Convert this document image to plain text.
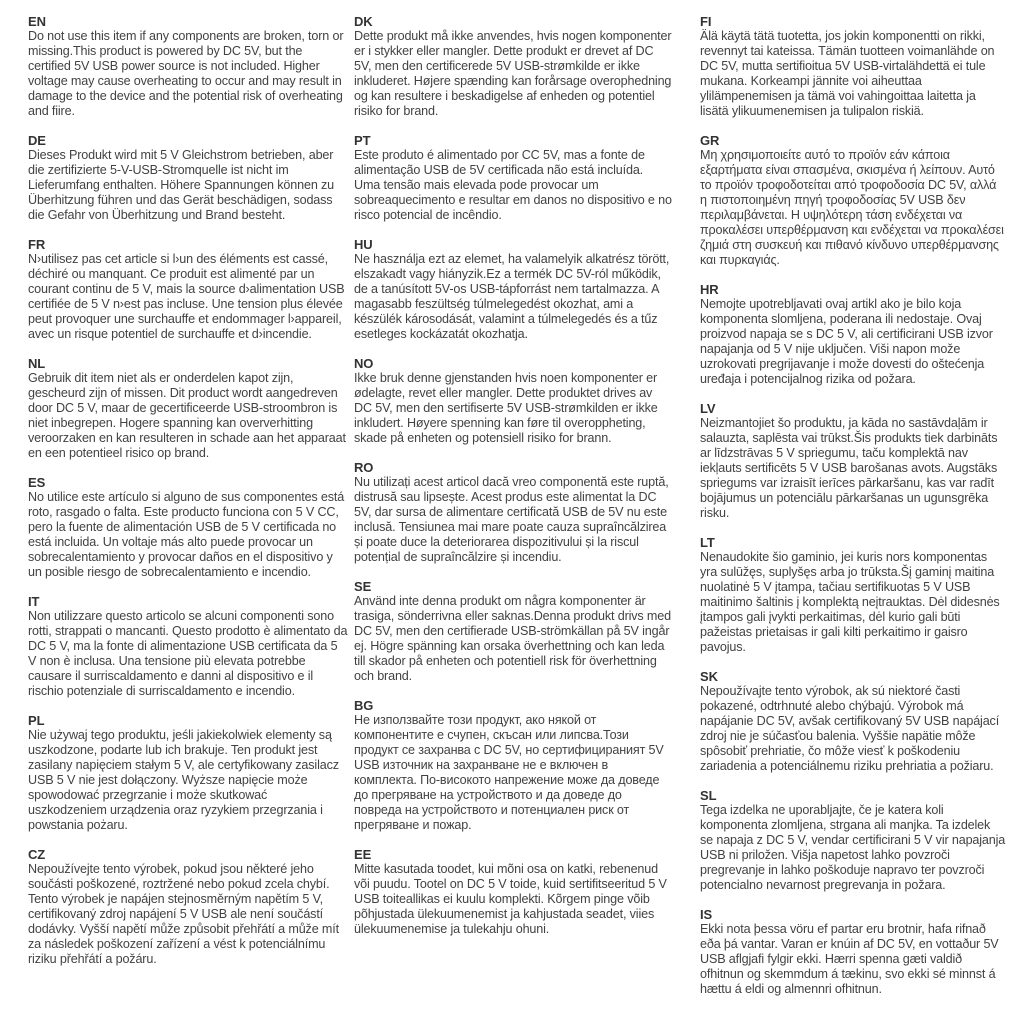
EN

Do not use this item if any components are broken, torn or missing.This product is powered by DC 5V, but the certified 5V USB power source is not included. Higher voltage may cause overheating to occur and may result in damage to the device and the potential risk of overheating and fiire.

DE

Dieses Produkt wird mit 5 V Gleichstrom betrieben, aber die zertifizierte 5-V-USB-Stromquelle ist nicht im Lieferumfang enthalten. Höhere Spannungen können zu Überhitzung führen und das Gerät beschädigen, sodass die Gefahr von Überhitzung und Brand besteht.

FR

N›utilisez pas cet article si l›un des éléments est cassé, déchiré ou manquant. Ce produit est alimenté par un courant continu de 5 V, mais la source d›alimentation USB certifiée de 5 V n›est pas incluse. Une tension plus élevée peut provoquer une surchauffe et endommager l›appareil, avec un risque potentiel de surchauffe et d›incendie.

NL

Gebruik dit item niet als er onderdelen kapot zijn, gescheurd zijn of missen. Dit product wordt aangedreven door DC 5 V, maar de gecertificeerde USB-stroombron is niet inbegrepen. Hogere spanning kan oververhitting veroorzaken en kan resulteren in schade aan het apparaat en een potentieel risico op brand.

ES

No utilice este artículo si alguno de sus componentes está roto, rasgado o falta. Este producto funciona con 5 V CC, pero la fuente de alimentación USB de 5 V certificada no está incluida. Un voltaje más alto puede provocar un sobrecalentamiento y provocar daños en el dispositivo y un posible riesgo de sobrecalentamiento e incendio.

IT

Non utilizzare questo articolo se alcuni componenti sono rotti, strappati o mancanti. Questo prodotto è alimentato da DC 5 V, ma la fonte di alimentazione USB certificata da 5 V non è inclusa. Una tensione più elevata potrebbe causare il surriscaldamento e danni al dispositivo e il rischio potenziale di surriscaldamento e incendio.

PL

Nie używaj tego produktu, jeśli jakiekolwiek elementy są uszkodzone, podarte lub ich brakuje. Ten produkt jest zasilany napięciem stałym 5 V, ale certyfikowany zasilacz USB 5 V nie jest dołączony. Wyższe napięcie może spowodować przegrzanie i może skutkować uszkodzeniem urządzenia oraz ryzykiem przegrzania i powstania pożaru.

CZ

Nepoužívejte tento výrobek, pokud jsou některé jeho součásti poškozené, roztržené nebo pokud zcela chybí. Tento výrobek je napájen stejnosměrným napětím 5 V, certifikovaný zdroj napájení 5 V USB ale není součástí dodávky. Vyšší napětí může způsobit přehřátí a může mít za následek poškození zařízení a vést k potenciálnímu riziku přehřátí a požáru.

DK

Dette produkt må ikke anvendes, hvis nogen komponenter er i stykker eller mangler. Dette produkt er drevet af DC 5V, men den certificerede 5V USB-strømkilde er ikke inkluderet. Højere spænding kan forårsage overophedning og kan resultere i beskadigelse af enheden og potentiel risiko for brand.

PT

Este produto é alimentado por CC 5V, mas a fonte de alimentação USB de 5V certificada não está incluída. Uma tensão mais elevada pode provocar um sobreaquecimento e resultar em danos no dispositivo e no risco potencial de incêndio.

HU

Ne használja ezt az elemet, ha valamelyik alkatrész törött, elszakadt vagy hiányzik.Ez a termék DC 5V-ról működik, de a tanúsított 5V-os USB-tápforrást nem tartalmazza. A magasabb feszültség túlmelegedést okozhat, ami a készülék károsodását, valamint a túlmelegedés és a tűz esetleges kockázatát okozhatja.

NO

Ikke bruk denne gjenstanden hvis noen komponenter er ødelagte, revet eller mangler. Dette produktet drives av DC 5V, men den sertifiserte 5V USB-strømkilden er ikke inkludert. Høyere spenning kan føre til overoppheting, skade på enheten og potensiell risiko for brann.

RO

Nu utilizați acest articol dacă vreo componentă este ruptă, distrusă sau lipsește. Acest produs este alimentat la DC 5V, dar sursa de alimentare certificată USB de 5V nu este inclusă. Tensiunea mai mare poate cauza supraîncălzirea și poate duce la deteriorarea dispozitivului și la riscul potențial de supraîncălzire și incendiu.

SE

Använd inte denna produkt om några komponenter är trasiga, sönderrivna eller saknas.Denna produkt drivs med DC 5V, men den certifierade USB-strömkällan på 5V ingår ej. Högre spänning kan orsaka överhettning och kan leda till skador på enheten och potentiell risk för överhettning och brand.

BG

Не използвайте този продукт, ако някой от компонентите е счупен, скъсан или липсва.Този продукт се захранва с DC 5V, но сертифицираният 5V USB източник на захранване не е включен в комплекта. По-високото напрежение може да доведе до прегряване на устройството и да доведе до повреда на устройството и потенциален риск от прегряване и пожар.

EE

Mitte kasutada toodet, kui mõni osa on katki, rebenenud või puudu. Tootel on DC 5 V toide, kuid sertifitseeritud 5 V USB toiteallikas ei kuulu komplekti. Kõrgem pinge võib põhjustada ülekuumenemist ja kahjustada seadet, viies ülekuumenemise ja tulekahju ohuni.

FI

Älä käytä tätä tuotetta, jos jokin komponentti on rikki, revennyt tai kateissa. Tämän tuotteen voimanlähde on DC 5V, mutta sertifioitua 5V USB-virtalähdettä ei tule mukana. Korkeampi jännite voi aiheuttaa ylilämpenemisen ja tämä voi vahingoittaa laitetta ja lisätä ylikuumenemisen ja tulipalon riskiä.

GR

Μη χρησιμοποιείτε αυτό το προϊόν εάν κάποια εξαρτήματα είναι σπασμένα, σκισμένα ή λείπουν. Αυτό το προϊόν τροφοδοτείται από τροφοδοσία DC 5V, αλλά η πιστοποιημένη πηγή τροφοδοσίας 5V USB δεν περιλαμβάνεται. Η υψηλότερη τάση ενδέχεται να προκαλέσει υπερθέρμανση και ενδέχεται να προκαλέσει ζημιά στη συσκευή και πιθανό κίνδυνο υπερθέρμανσης και πυρκαγιάς.

HR

Nemojte upotrebljavati ovaj artikl ako je bilo koja komponenta slomljena, poderana ili nedostaje. Ovaj proizvod napaja se s DC 5 V, ali certificirani USB izvor napajanja od 5 V nije uključen. Viši napon može uzrokovati pregrijavanje i može dovesti do oštećenja uređaja i potencijalnog rizika od požara.

LV

Neizmantojiet šo produktu, ja kāda no sastāvdaļām ir salauzta, saplēsta vai trūkst.Šis produkts tiek darbināts ar līdzstrāvas 5 V spriegumu, taču komplektā nav iekļauts sertificēts 5 V USB barošanas avots. Augstāks spriegums var izraisīt ierīces pārkaršanu, kas var radīt bojājumus un potenciālu pārkaršanas un ugunsgrēka risku.

LT

Nenaudokite šio gaminio, jei kuris nors komponentas yra sulūžęs, suplyšęs arba jo trūksta.Šį gaminį maitina nuolatinė 5 V įtampa, tačiau sertifikuotas 5 V USB maitinimo šaltinis į komplektą neįtrauktas. Dėl didesnės įtampos gali įvykti perkaitimas, dėl kurio gali būti pažeistas prietaisas ir gali kilti perkaitimo ir gaisro pavojus.

SK

Nepoužívajte tento výrobok, ak sú niektoré časti pokazené, odtrhnuté alebo chýbajú. Výrobok má napájanie DC 5V, avšak certifikovaný 5V USB napájací zdroj nie je súčasťou balenia. Vyššie napätie môže spôsobiť prehriatie, čo môže viesť k poškodeniu zariadenia a potenciálnemu riziku prehriatia a požiaru.

SL

Tega izdelka ne uporabljajte, če je katera koli komponenta zlomljena, strgana ali manjka. Ta izdelek se napaja z DC 5 V, vendar certificirani 5 V vir napajanja USB ni priložen. Višja napetost lahko povzroči pregrevanje in lahko poškoduje napravo ter povzroči potencialno nevarnost pregrevanja in požara.

IS

Ekki nota þessa vöru ef partar eru brotnir, hafa rifnað eða þá vantar. Varan er knúin af DC 5V, en vottaður 5V USB aflgjafi fylgir ekki. Hærri spenna gæti valdið ofhitnun og skemmdum á tækinu, svo ekki sé minnst á hættu á eldi og almennri ofhitnun.
